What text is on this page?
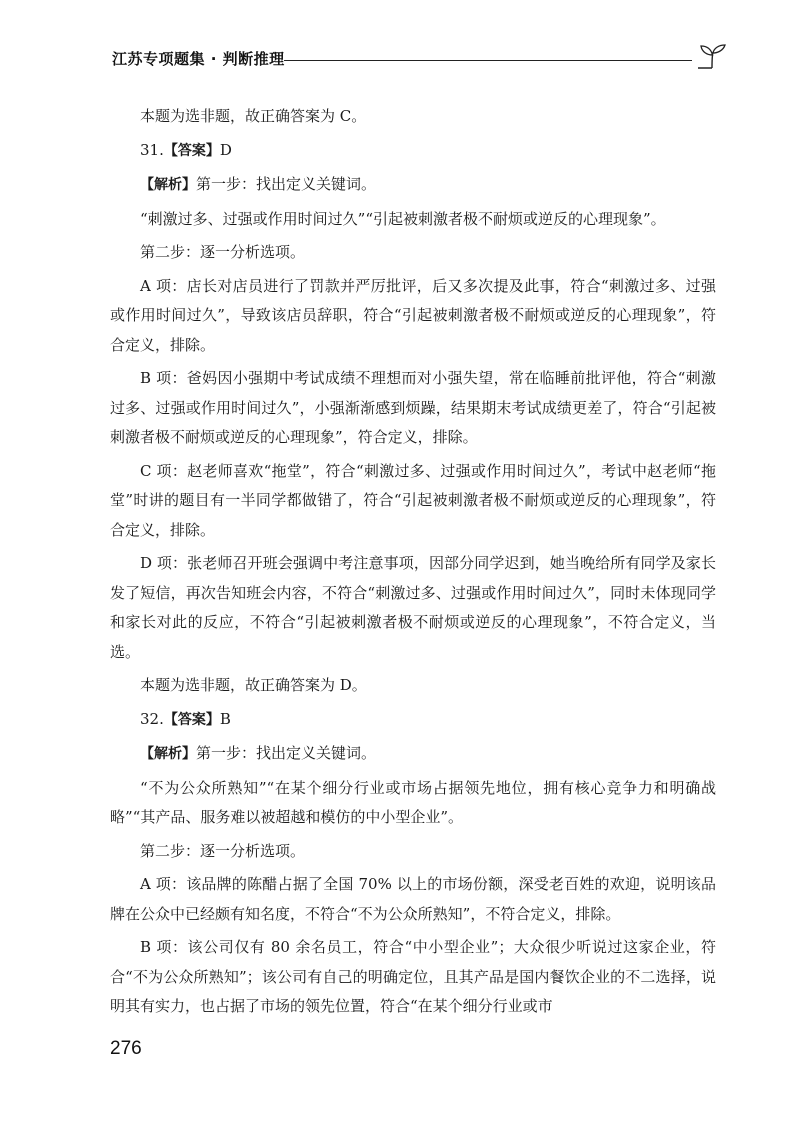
江苏专项题集 · 判断推理

本题为选非题，故正确答案为 C。

31.【答案】D

【解析】第一步：找出定义关键词。

“刺激过多、过强或作用时间过久”“引起被刺激者极不耐烦或逆反的心理现象”。

第二步：逐一分析选项。

A 项：店长对店员进行了罚款并严厉批评，后又多次提及此事，符合“刺激过多、过强或作用时间过久”，导致该店员辞职，符合“引起被刺激者极不耐烦或逆反的心理现象”，符合定义，排除。

B 项：爸妈因小强期中考试成绩不理想而对小强失望，常在临睡前批评他，符合“刺激过多、过强或作用时间过久”，小强渐渐感到烦躁，结果期末考试成绩更差了，符合“引起被刺激者极不耐烦或逆反的心理现象”，符合定义，排除。

C 项：赵老师喜欢“拖堂”，符合“刺激过多、过强或作用时间过久”，考试中赵老师“拖堂”时讲的题目有一半同学都做错了，符合“引起被刺激者极不耐烦或逆反的心理现象”，符合定义，排除。

D 项：张老师召开班会强调中考注意事项，因部分同学迟到，她当晚给所有同学及家长发了短信，再次告知班会内容，不符合“刺激过多、过强或作用时间过久”，同时未体现同学和家长对此的反应，不符合“引起被刺激者极不耐烦或逆反的心理现象”，不符合定义，当选。

本题为选非题，故正确答案为 D。

32.【答案】B

【解析】第一步：找出定义关键词。

“不为公众所熟知”“在某个细分行业或市场占据领先地位，拥有核心竞争力和明确战略”“其产品、服务难以被超越和模仿的中小型企业”。

第二步：逐一分析选项。

A 项：该品牌的陈醋占据了全国 70% 以上的市场份额，深受老百姓的欢迎，说明该品牌在公众中已经颇有知名度，不符合“不为公众所熟知”，不符合定义，排除。

B 项：该公司仅有 80 余名员工，符合“中小型企业”；大众很少听说过这家企业，符合“不为公众所熟知”；该公司有自己的明确定位，且其产品是国内餐饮企业的不二选择，说明其有实力，也占据了市场的领先位置，符合“在某个细分行业或市

276
